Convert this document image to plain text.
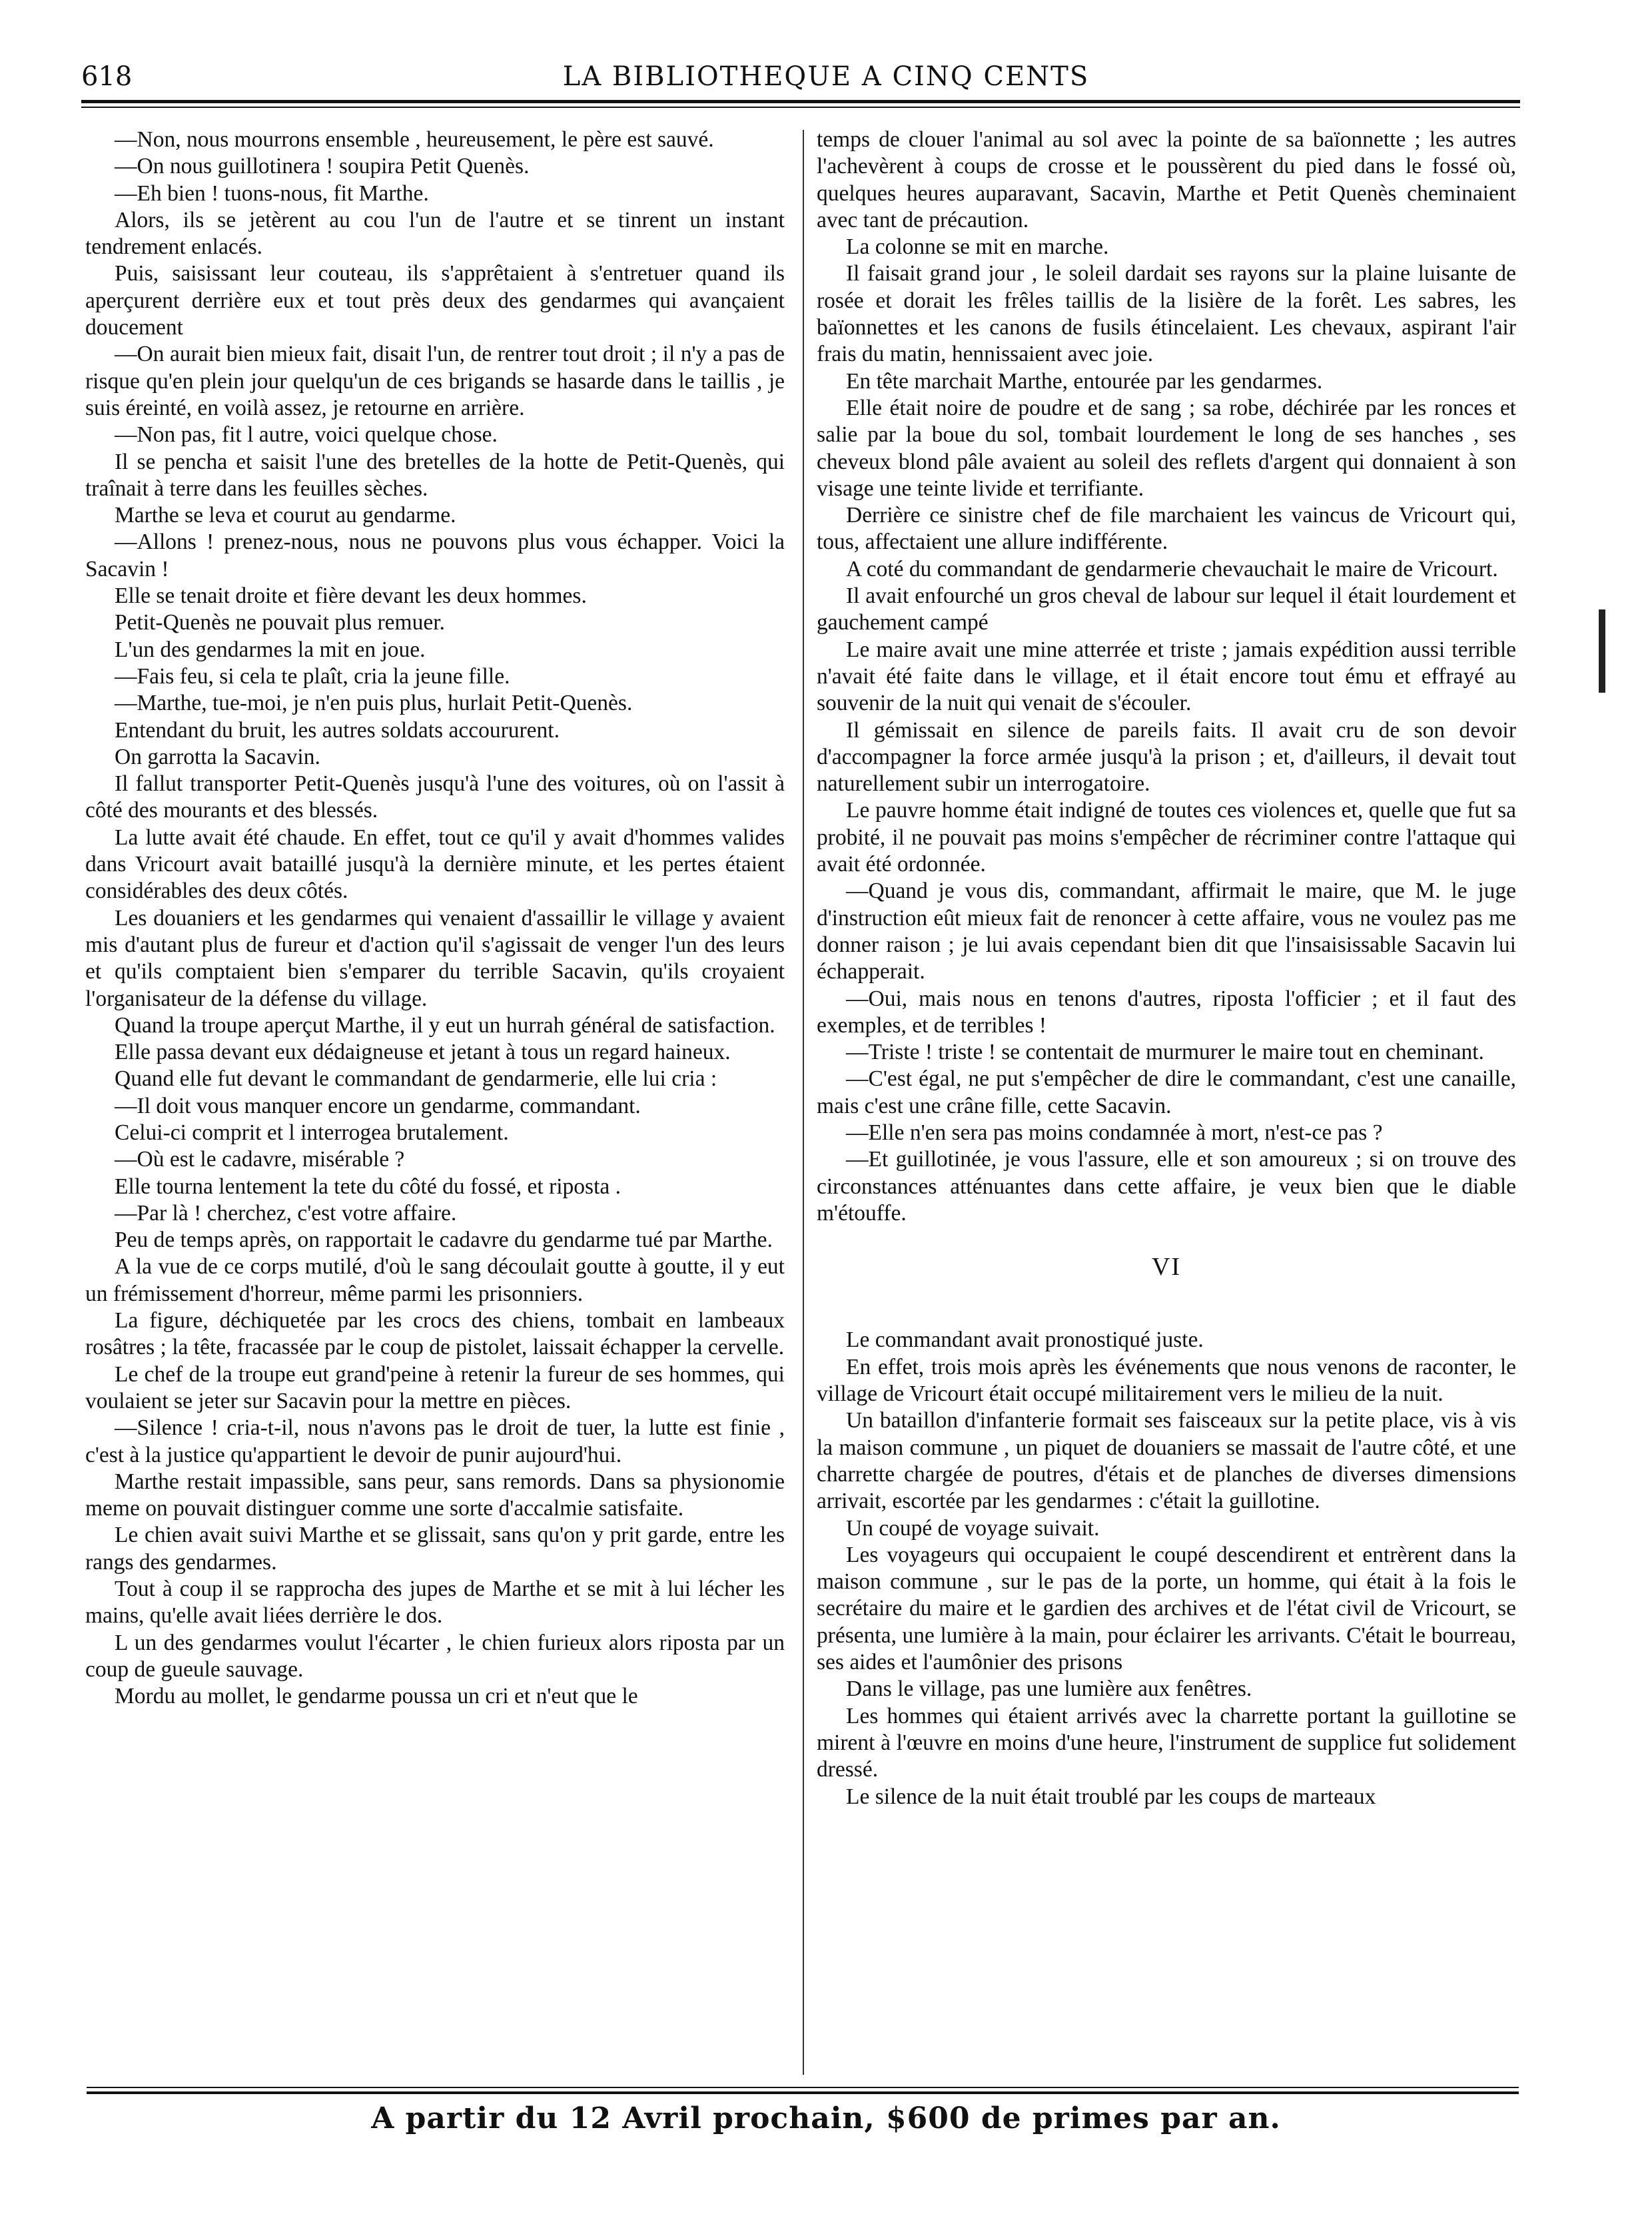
618	LA BIBLIOTHEQUE A CINQ CENTS

—Non, nous mourrons ensemble , heureusement, le père est sauvé.

—On nous guillotinera ! soupira Petit Quenès.

—Eh bien ! tuons-nous, fit Marthe.

Alors, ils se jetèrent au cou l'un de l'autre et se tinrent un instant tendrement enlacés.

Puis, saisissant leur couteau, ils s'apprêtaient à s'entretuer quand ils aperçurent derrière eux et tout près deux des gendarmes qui avançaient doucement

—On aurait bien mieux fait, disait l'un, de rentrer tout droit ; il n'y a pas de risque qu'en plein jour quelqu'un de ces brigands se hasarde dans le taillis , je suis éreinté, en voilà assez, je retourne en arrière.

—Non pas, fit l autre, voici quelque chose.

Il se pencha et saisit l'une des bretelles de la hotte de Petit-Quenès, qui traînait à terre dans les feuilles sèches.

Marthe se leva et courut au gendarme.

—Allons ! prenez-nous, nous ne pouvons plus vous échapper. Voici la Sacavin !

Elle se tenait droite et fière devant les deux hommes.

Petit-Quenès ne pouvait plus remuer.

L'un des gendarmes la mit en joue.

—Fais feu, si cela te plaît, cria la jeune fille.

—Marthe, tue-moi, je n'en puis plus, hurlait Petit-Quenès.

Entendant du bruit, les autres soldats accoururent.

On garrotta la Sacavin.

Il fallut transporter Petit-Quenès jusqu'à l'une des voitures, où on l'assit à côté des mourants et des blessés.

La lutte avait été chaude. En effet, tout ce qu'il y avait d'hommes valides dans Vricourt avait bataillé jusqu'à la dernière minute, et les pertes étaient considérables des deux côtés.

Les douaniers et les gendarmes qui venaient d'assaillir le village y avaient mis d'autant plus de fureur et d'action qu'il s'agissait de venger l'un des leurs et qu'ils comptaient bien s'emparer du terrible Sacavin, qu'ils croyaient l'organisateur de la défense du village.

Quand la troupe aperçut Marthe, il y eut un hurrah général de satisfaction.

Elle passa devant eux dédaigneuse et jetant à tous un regard haineux.

Quand elle fut devant le commandant de gendarmerie, elle lui cria :

—Il doit vous manquer encore un gendarme, commandant.

Celui-ci comprit et l interrogea brutalement.

—Où est le cadavre, misérable ?

Elle tourna lentement la tete du côté du fossé, et riposta .

—Par là ! cherchez, c'est votre affaire.

Peu de temps après, on rapportait le cadavre du gendarme tué par Marthe.

A la vue de ce corps mutilé, d'où le sang découlait goutte à goutte, il y eut un frémissement d'horreur, même parmi les prisonniers.

La figure, déchiquetée par les crocs des chiens, tombait en lambeaux rosâtres ; la tête, fracassée par le coup de pistolet, laissait échapper la cervelle.

Le chef de la troupe eut grand'peine à retenir la fureur de ses hommes, qui voulaient se jeter sur Sacavin pour la mettre en pièces.

—Silence ! cria-t-il, nous n'avons pas le droit de tuer, la lutte est finie , c'est à la justice qu'appartient le devoir de punir aujourd'hui.

Marthe restait impassible, sans peur, sans remords. Dans sa physionomie meme on pouvait distinguer comme une sorte d'accalmie satisfaite.

Le chien avait suivi Marthe et se glissait, sans qu'on y prit garde, entre les rangs des gendarmes.

Tout à coup il se rapprocha des jupes de Marthe et se mit à lui lécher les mains, qu'elle avait liées derrière le dos.

L un des gendarmes voulut l'écarter , le chien furieux alors riposta par un coup de gueule sauvage.

Mordu au mollet, le gendarme poussa un cri et n'eut que le

temps de clouer l'animal au sol avec la pointe de sa baïonnette ; les autres l'achevèrent à coups de crosse et le poussèrent du pied dans le fossé où, quelques heures auparavant, Sacavin, Marthe et Petit Quenès cheminaient avec tant de précaution.

La colonne se mit en marche.

Il faisait grand jour , le soleil dardait ses rayons sur la plaine luisante de rosée et dorait les frêles taillis de la lisière de la forêt. Les sabres, les baïonnettes et les canons de fusils étincelaient. Les chevaux, aspirant l'air frais du matin, hennissaient avec joie.

En tête marchait Marthe, entourée par les gendarmes.

Elle était noire de poudre et de sang ; sa robe, déchirée par les ronces et salie par la boue du sol, tombait lourdement le long de ses hanches , ses cheveux blond pâle avaient au soleil des reflets d'argent qui donnaient à son visage une teinte livide et terrifiante.

Derrière ce sinistre chef de file marchaient les vaincus de Vricourt qui, tous, affectaient une allure indifférente.

A coté du commandant de gendarmerie chevauchait le maire de Vricourt.

Il avait enfourché un gros cheval de labour sur lequel il était lourdement et gauchement campé

Le maire avait une mine atterrée et triste ; jamais expédition aussi terrible n'avait été faite dans le village, et il était encore tout ému et effrayé au souvenir de la nuit qui venait de s'écouler.

Il gémissait en silence de pareils faits. Il avait cru de son devoir d'accompagner la force armée jusqu'à la prison ; et, d'ailleurs, il devait tout naturellement subir un interrogatoire.

Le pauvre homme était indigné de toutes ces violences et, quelle que fut sa probité, il ne pouvait pas moins s'empêcher de récriminer contre l'attaque qui avait été ordonnée.

—Quand je vous dis, commandant, affirmait le maire, que M. le juge d'instruction eût mieux fait de renoncer à cette affaire, vous ne voulez pas me donner raison ; je lui avais cependant bien dit que l'insaisissable Sacavin lui échapperait.

—Oui, mais nous en tenons d'autres, riposta l'officier ; et il faut des exemples, et de terribles !

—Triste ! triste ! se contentait de murmurer le maire tout en cheminant.

—C'est égal, ne put s'empêcher de dire le commandant, c'est une canaille, mais c'est une crâne fille, cette Sacavin.

—Elle n'en sera pas moins condamnée à mort, n'est-ce pas ?

—Et guillotinée, je vous l'assure, elle et son amoureux ; si on trouve des circonstances atténuantes dans cette affaire, je veux bien que le diable m'étouffe.

VI

Le commandant avait pronostiqué juste.

En effet, trois mois après les événements que nous venons de raconter, le village de Vricourt était occupé militairement vers le milieu de la nuit.

Un bataillon d'infanterie formait ses faisceaux sur la petite place, vis à vis la maison commune , un piquet de douaniers se massait de l'autre côté, et une charrette chargée de poutres, d'étais et de planches de diverses dimensions arrivait, escortée par les gendarmes : c'était la guillotine.

Un coupé de voyage suivait.

Les voyageurs qui occupaient le coupé descendirent et entrèrent dans la maison commune , sur le pas de la porte, un homme, qui était à la fois le secrétaire du maire et le gardien des archives et de l'état civil de Vricourt, se présenta, une lumière à la main, pour éclairer les arrivants. C'était le bourreau, ses aides et l'aumônier des prisons

Dans le village, pas une lumière aux fenêtres.

Les hommes qui étaient arrivés avec la charrette portant la guillotine se mirent à l'œuvre en moins d'une heure, l'instrument de supplice fut solidement dressé.

Le silence de la nuit était troublé par les coups de marteaux

A partir du 12 Avril prochain, $600 de primes par an.
